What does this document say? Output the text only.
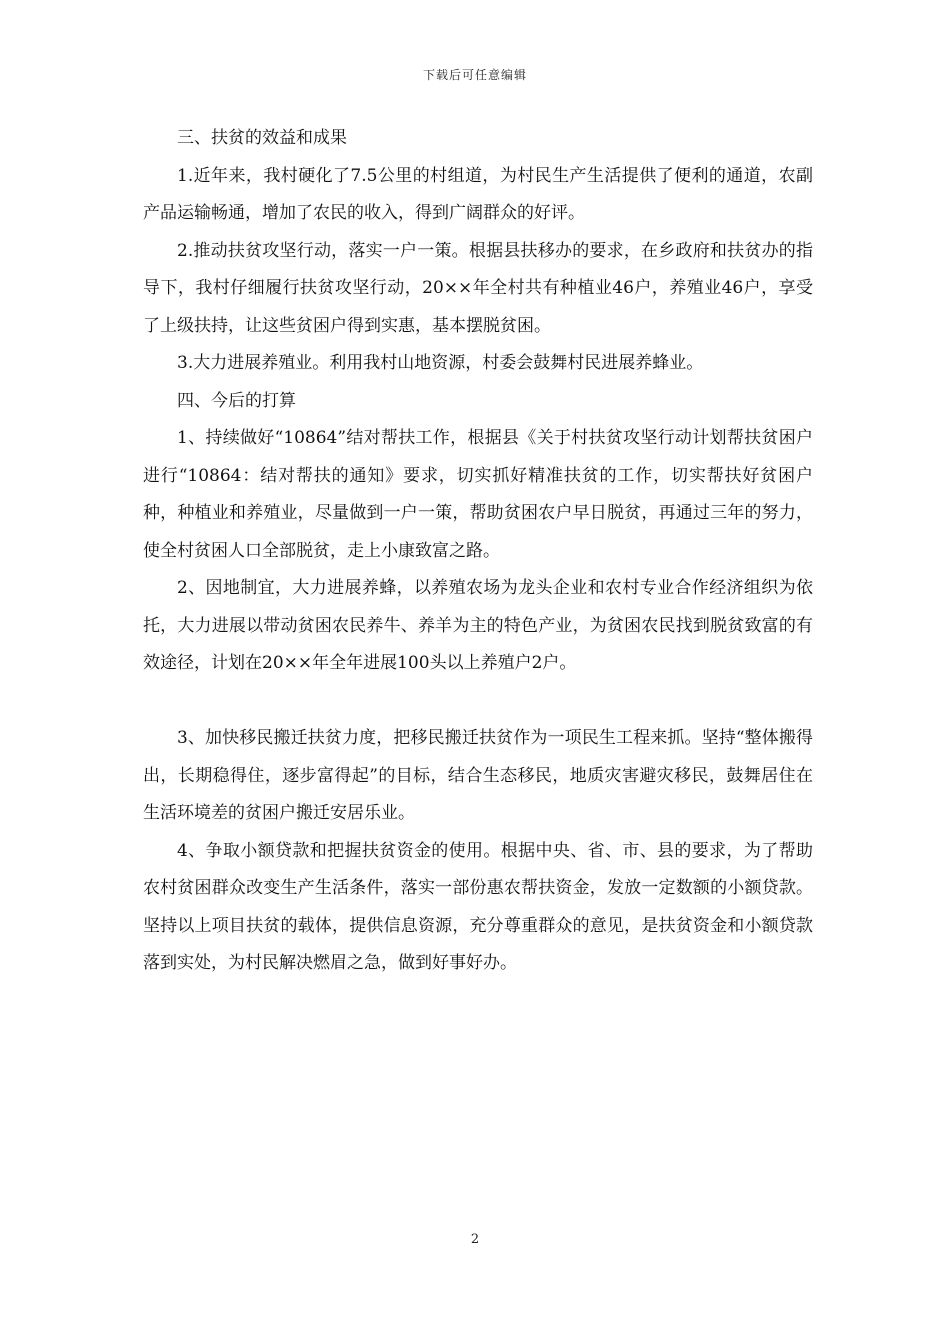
下载后可任意编辑

三、扶贫的效益和成果

1.近年来，我村硬化了7.5公里的村组道，为村民生产生活提供了便利的通道，农副产品运输畅通，增加了农民的收入，得到广阔群众的好评。

2.推动扶贫攻坚行动，落实一户一策。根据县扶移办的要求，在乡政府和扶贫办的指导下，我村仔细履行扶贫攻坚行动，20××年全村共有种植业46户，养殖业46户，享受了上级扶持，让这些贫困户得到实惠，基本摆脱贫困。

3.大力进展养殖业。利用我村山地资源，村委会鼓舞村民进展养蜂业。

四、今后的打算

1、持续做好“10864”结对帮扶工作，根据县《关于村扶贫攻坚行动计划帮扶贫困户进行“10864：结对帮扶的通知》要求，切实抓好精准扶贫的工作，切实帮扶好贫困户种，种植业和养殖业，尽量做到一户一策，帮助贫困农户早日脱贫，再通过三年的努力，使全村贫困人口全部脱贫，走上小康致富之路。

2、因地制宜，大力进展养蜂，以养殖农场为龙头企业和农村专业合作经济组织为依托，大力进展以带动贫困农民养牛、养羊为主的特色产业，为贫困农民找到脱贫致富的有效途径，计划在20××年全年进展100头以上养殖户2户。

3、加快移民搬迁扶贫力度，把移民搬迁扶贫作为一项民生工程来抓。坚持“整体搬得出，长期稳得住，逐步富得起”的目标，结合生态移民，地质灾害避灾移民，鼓舞居住在生活环境差的贫困户搬迁安居乐业。

4、争取小额贷款和把握扶贫资金的使用。根据中央、省、市、县的要求，为了帮助农村贫困群众改变生产生活条件，落实一部份惠农帮扶资金，发放一定数额的小额贷款。坚持以上项目扶贫的载体，提供信息资源，充分尊重群众的意见，是扶贫资金和小额贷款落到实处，为村民解决燃眉之急，做到好事好办。

2
